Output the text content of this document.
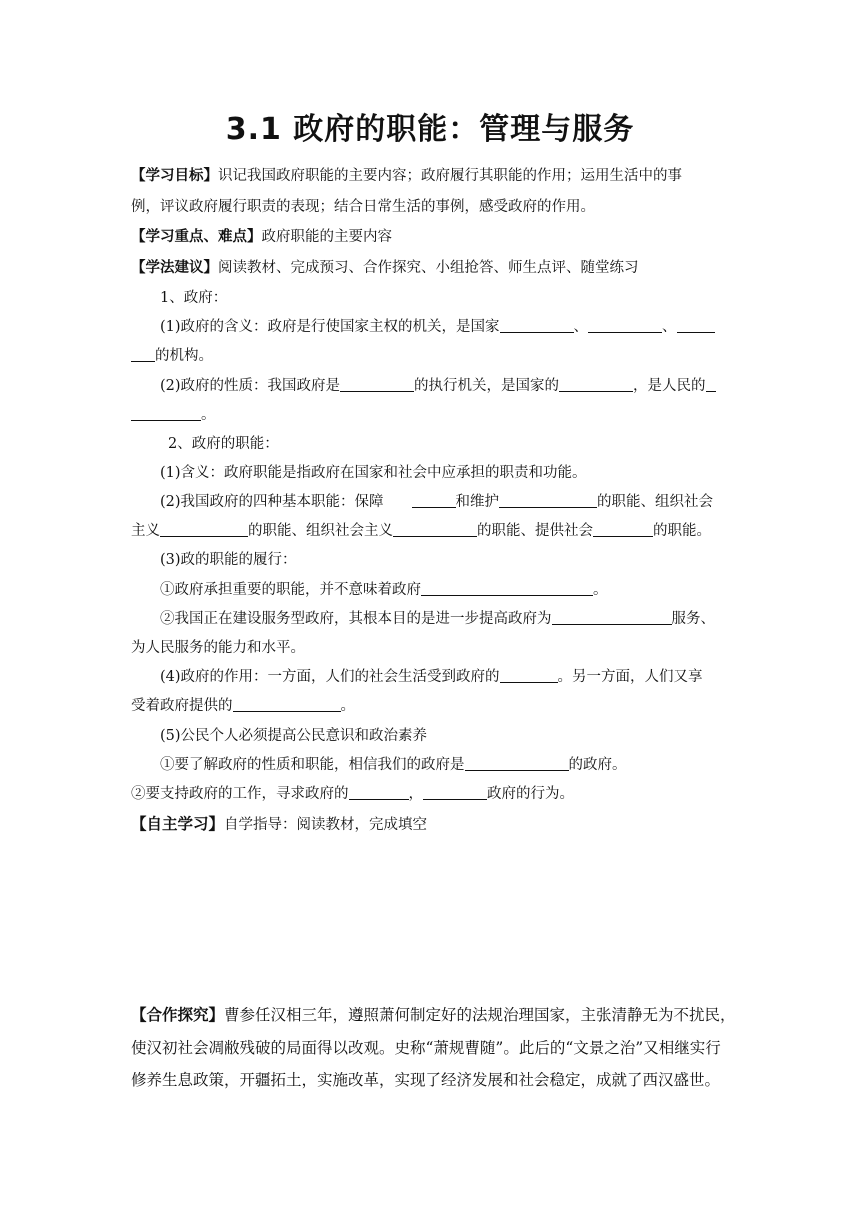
3.1 政府的职能：管理与服务
【学习目标】识记我国政府职能的主要内容；政府履行其职能的作用；运用生活中的事
例，评议政府履行职责的表现；结合日常生活的事例，感受政府的作用。
【学习重点、难点】政府职能的主要内容
【学法建议】阅读教材、完成预习、合作探究、小组抢答、师生点评、随堂练习
1、政府：
(1)政府的含义：政府是行使国家主权的机关，是国家	、	、
的机构。
(2)政府的性质：我国政府是	的执行机关，是国家的	，是人民的
。
2、政府的职能：
(1)含义：政府职能是指政府在国家和社会中应承担的职责和功能。
(2)我国政府的四种基本职能：保障	和维护	的职能、组织社会
主义	的职能、组织社会主义	的职能、提供社会	的职能。
(3)政的职能的履行：
①政府承担重要的职能，并不意味着政府	。
②我国正在建设服务型政府，其根本目的是进一步提高政府为	服务、
为人民服务的能力和水平。
(4)政府的作用：一方面，人们的社会生活受到政府的	。另一方面，人们又享
受着政府提供的	。
(5)公民个人必须提高公民意识和政治素养
①要了解政府的性质和职能，相信我们的政府是	的政府。
②要支持政府的工作，寻求政府的	，	政府的行为。
【自主学习】自学指导：阅读教材，完成填空
【合作探究】曹参任汉相三年，遵照萧何制定好的法规治理国家，主张清静无为不扰民，
使汉初社会凋敝残破的局面得以改观。史称“萧规曹随”。此后的“文景之治”又相继实行
修养生息政策，开疆拓土，实施改革，实现了经济发展和社会稳定，成就了西汉盛世。
